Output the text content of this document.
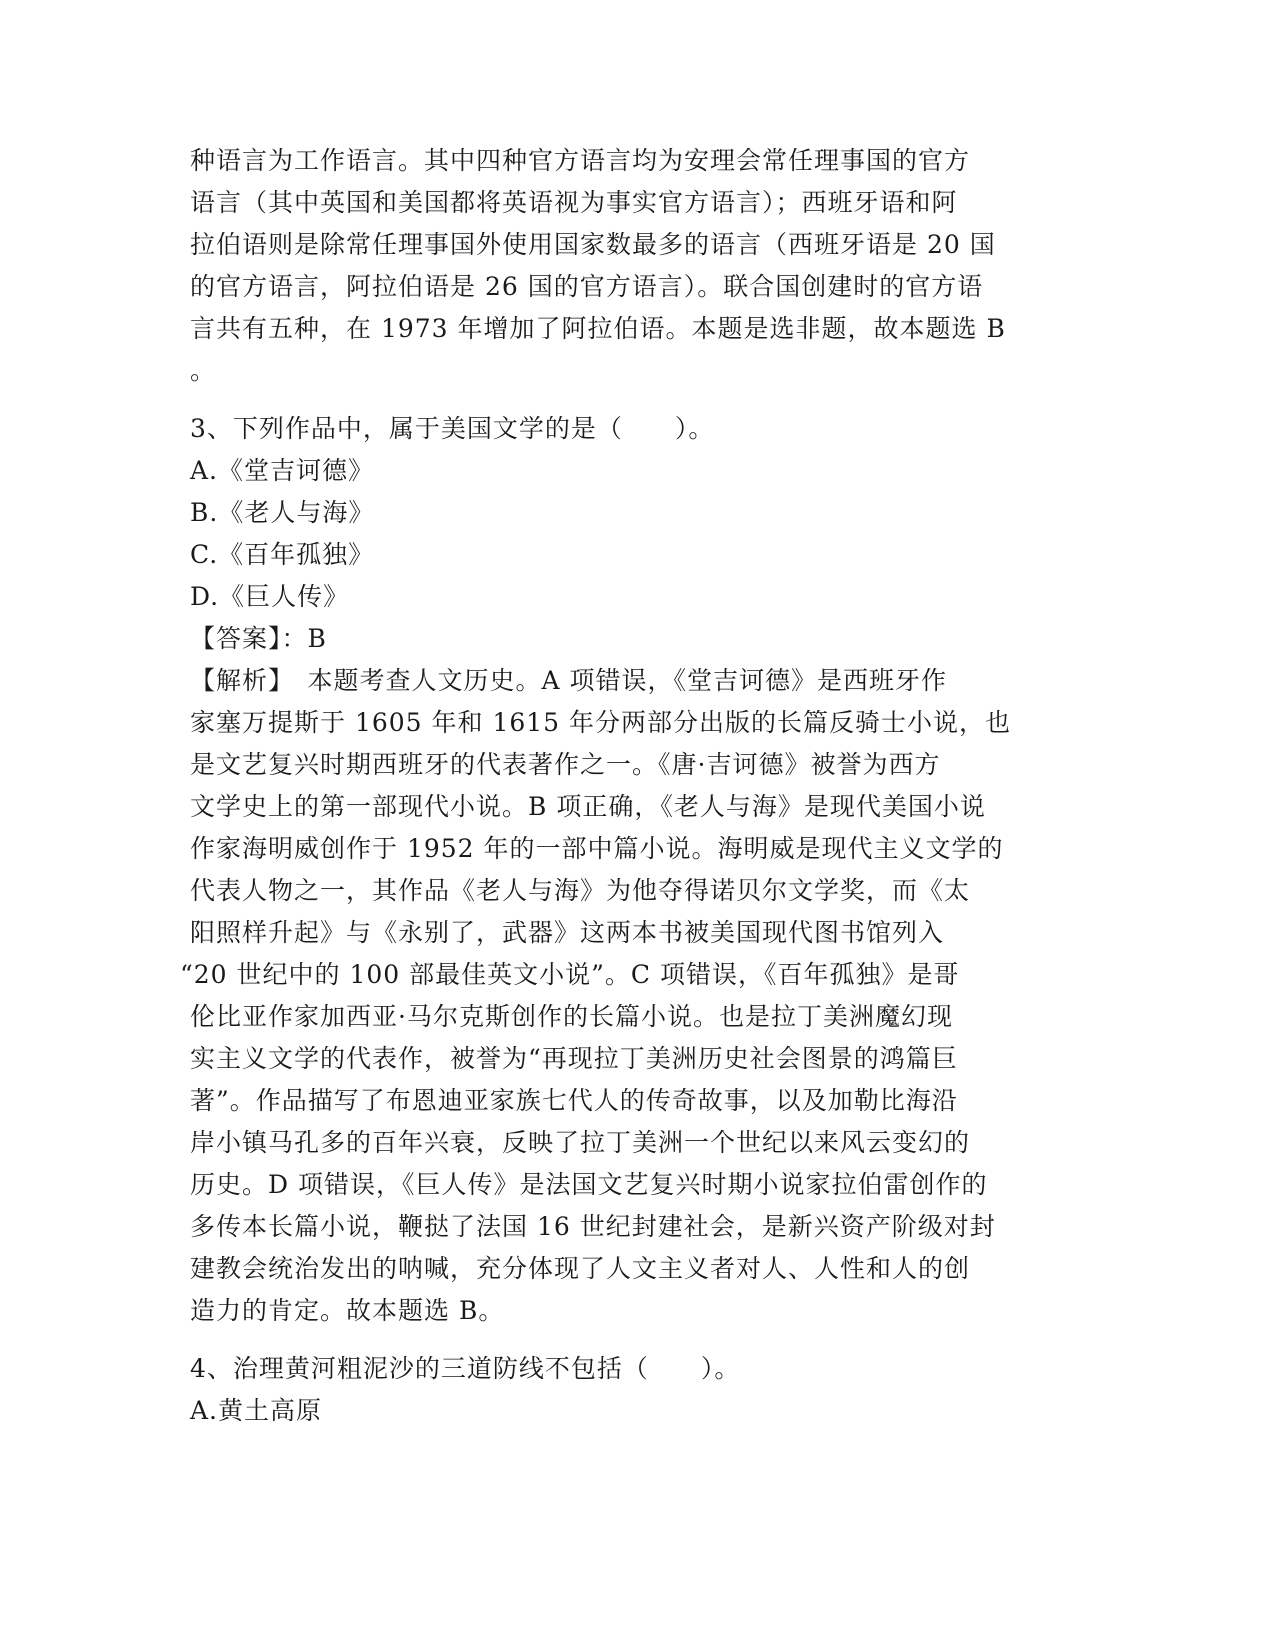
种语言为工作语言。其中四种官方语言均为安理会常任理事国的官方
语言（其中英国和美国都将英语视为事实官方语言）；西班牙语和阿
拉伯语则是除常任理事国外使用国家数最多的语言（西班牙语是 20 国
的官方语言，阿拉伯语是 26 国的官方语言）。联合国创建时的官方语
言共有五种，在 1973 年增加了阿拉伯语。本题是选非题，故本题选 B
。
3、下列作品中，属于美国文学的是（　　）。
A.《堂吉诃德》
B.《老人与海》
C.《百年孤独》
D.《巨人传》
【答案】：B
【解析】　本题考查人文历史。A 项错误，《堂吉诃德》是西班牙作
家塞万提斯于 1605 年和 1615 年分两部分出版的长篇反骑士小说，也
是文艺复兴时期西班牙的代表著作之一。《唐·吉诃德》被誉为西方
文学史上的第一部现代小说。B 项正确，《老人与海》是现代美国小说
作家海明威创作于 1952 年的一部中篇小说。海明威是现代主义文学的
代表人物之一，其作品《老人与海》为他夺得诺贝尔文学奖，而《太
阳照样升起》与《永别了，武器》这两本书被美国现代图书馆列入
“20 世纪中的 100 部最佳英文小说”。C 项错误，《百年孤独》是哥
伦比亚作家加西亚·马尔克斯创作的长篇小说。也是拉丁美洲魔幻现
实主义文学的代表作，被誉为“再现拉丁美洲历史社会图景的鸿篇巨
著”。作品描写了布恩迪亚家族七代人的传奇故事，以及加勒比海沿
岸小镇马孔多的百年兴衰，反映了拉丁美洲一个世纪以来风云变幻的
历史。D 项错误，《巨人传》是法国文艺复兴时期小说家拉伯雷创作的
多传本长篇小说，鞭挞了法国 16 世纪封建社会，是新兴资产阶级对封
建教会统治发出的呐喊，充分体现了人文主义者对人、人性和人的创
造力的肯定。故本题选 B。
4、治理黄河粗泥沙的三道防线不包括（　　）。
A.黄土高原
